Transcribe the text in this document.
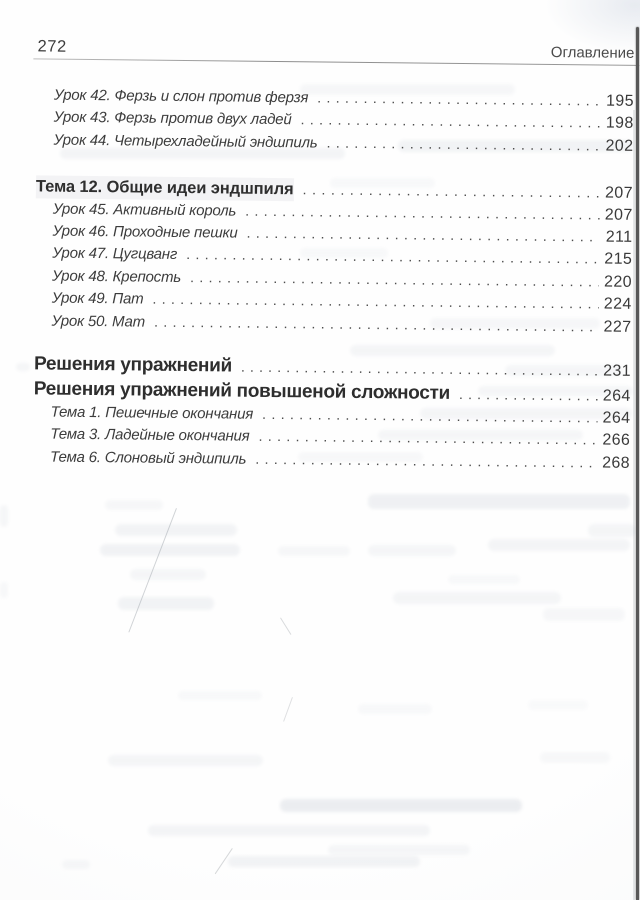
272	Оглавление
Урок 42. Ферзь и слон против ферзя . . .	195
Урок 43. Ферзь против двух ладей . . .	198
Урок 44. Четырехладейный эндшпиль . . .	202
Тема 12. Общие идеи эндшпиля . . .	207
Урок 45. Активный король . . .	207
Урок 46. Проходные пешки . . .	211
Урок 47. Цугцванг . . .	215
Урок 48. Крепость . . .	220
Урок 49. Пат . . .	224
Урок 50. Мат . . .	227
Решения упражнений . . .	231
Решения упражнений повышеной сложности . . .	264
Тема 1. Пешечные окончания . . .	264
Тема 3. Ладейные окончания . . .	266
Тема 6. Слоновый эндшпиль . . .	268
